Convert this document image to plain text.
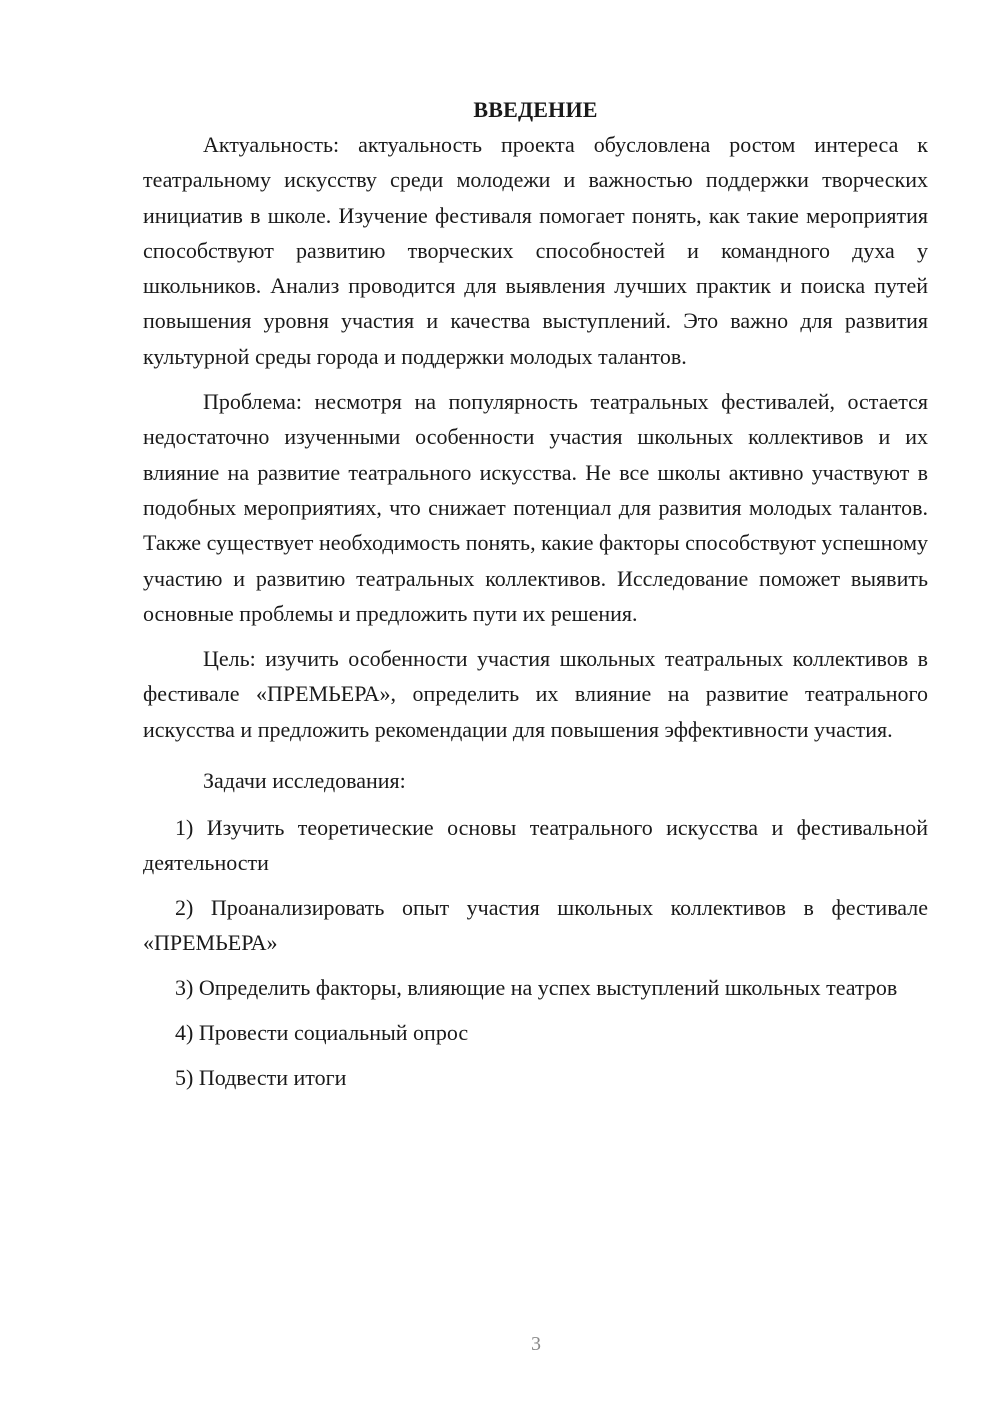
ВВЕДЕНИЕ

Актуальность: актуальность проекта обусловлена ростом интереса к театральному искусству среди молодежи и важностью поддержки творческих инициатив в школе. Изучение фестиваля помогает понять, как такие мероприятия способствуют развитию творческих способностей и командного духа у школьников. Анализ проводится для выявления лучших практик и поиска путей повышения уровня участия и качества выступлений. Это важно для развития культурной среды города и поддержки молодых талантов.

Проблема: несмотря на популярность театральных фестивалей, остается недостаточно изученными особенности участия школьных коллективов и их влияние на развитие театрального искусства. Не все школы активно участвуют в подобных мероприятиях, что снижает потенциал для развития молодых талантов. Также существует необходимость понять, какие факторы способствуют успешному участию и развитию театральных коллективов. Исследование поможет выявить основные проблемы и предложить пути их решения.

Цель: изучить особенности участия школьных театральных коллективов в фестивале «ПРЕМЬЕРА», определить их влияние на развитие театрального искусства и предложить рекомендации для повышения эффективности участия.

Задачи исследования:

1) Изучить теоретические основы театрального искусства и фестивальной деятельности
2) Проанализировать опыт участия школьных коллективов в фестивале «ПРЕМЬЕРА»
3) Определить факторы, влияющие на успех выступлений школьных театров
4) Провести социальный опрос
5) Подвести итоги
3
